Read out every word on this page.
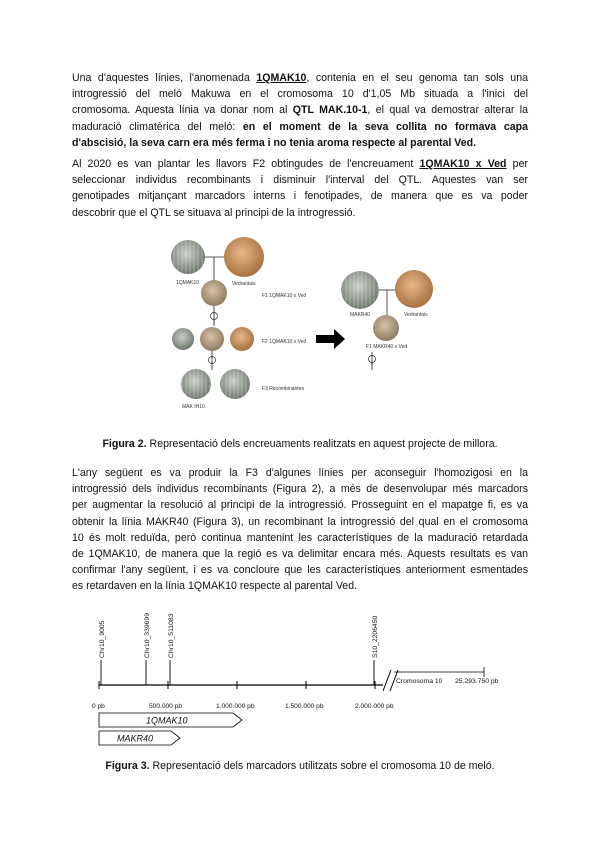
Una d'aquestes línies, l'anomenada 1QMAK10, contenia en el seu genoma tan sols una
introgressió del meló Makuwa en el cromosoma 10 d'1,05 Mb situada a l'inici del
cromosoma. Aquesta línia va donar nom al QTL MAK.10-1, el qual va demostrar alterar la
maduració climatèrica del meló: en el moment de la seva collita no formava capa
d'abscisió, la seva carn era més ferma i no tenia aroma respecte al parental Ved.
Al 2020 es van plantar les llavors F2 obtingudes de l'encreuament 1QMAK10 x Ved per
seleccionar individus recombinants i disminuir l'interval del QTL. Aquestes van ser
genotipades mitjançant marcadors interns i fenotipades, de manera que es va poder
descobrir que el QTL se situava al principi de la introgressió.
1QMAK10	Vedrantais
F1 1QMAK10 x Ved
F2 1QMAK10 x Ved
F3 Recombinantes
MAK IH10
MAKR40	Vedrantais
F1 MAKR40 x Ved
Figura 2. Representació dels encreuaments realitzats en aquest projecte de millora.
L'any següent es va produir la F3 d'algunes línies per aconseguir l'homozigosi en la
introgressió dels individus recombinants (Figura 2), a més de desenvolupar més marcadors
per augmentar la resolució al principi de la introgressió. Prosseguint en el mapatge fi, es va
obtenir la línia MAKR40 (Figura 3), un recombinant la introgressió del qual en el cromosoma
10 és molt reduïda, però continua mantenint les característiques de la maduració retardada
de 1QMAK10, de manera que la regió es va delimitar encara més. Aquests resultats es van
confirmar l'any següent, i es va concloure que les característiques anteriorment esmentades
es retardaven en la línia 1QMAK10 respecte al parental Ved.
Cromosoma 10 25.293.750 pb
0 pb	500.000 pb	1.000.000 pb	1.500.000 pb	2.000.000 pb
Chr10_9005	Chr10_339699	Chr10_511083	S10_2206450
1QMAK10
MAKR40
Figura 3. Representació dels marcadors utilitzats sobre el cromosoma 10 de meló.
